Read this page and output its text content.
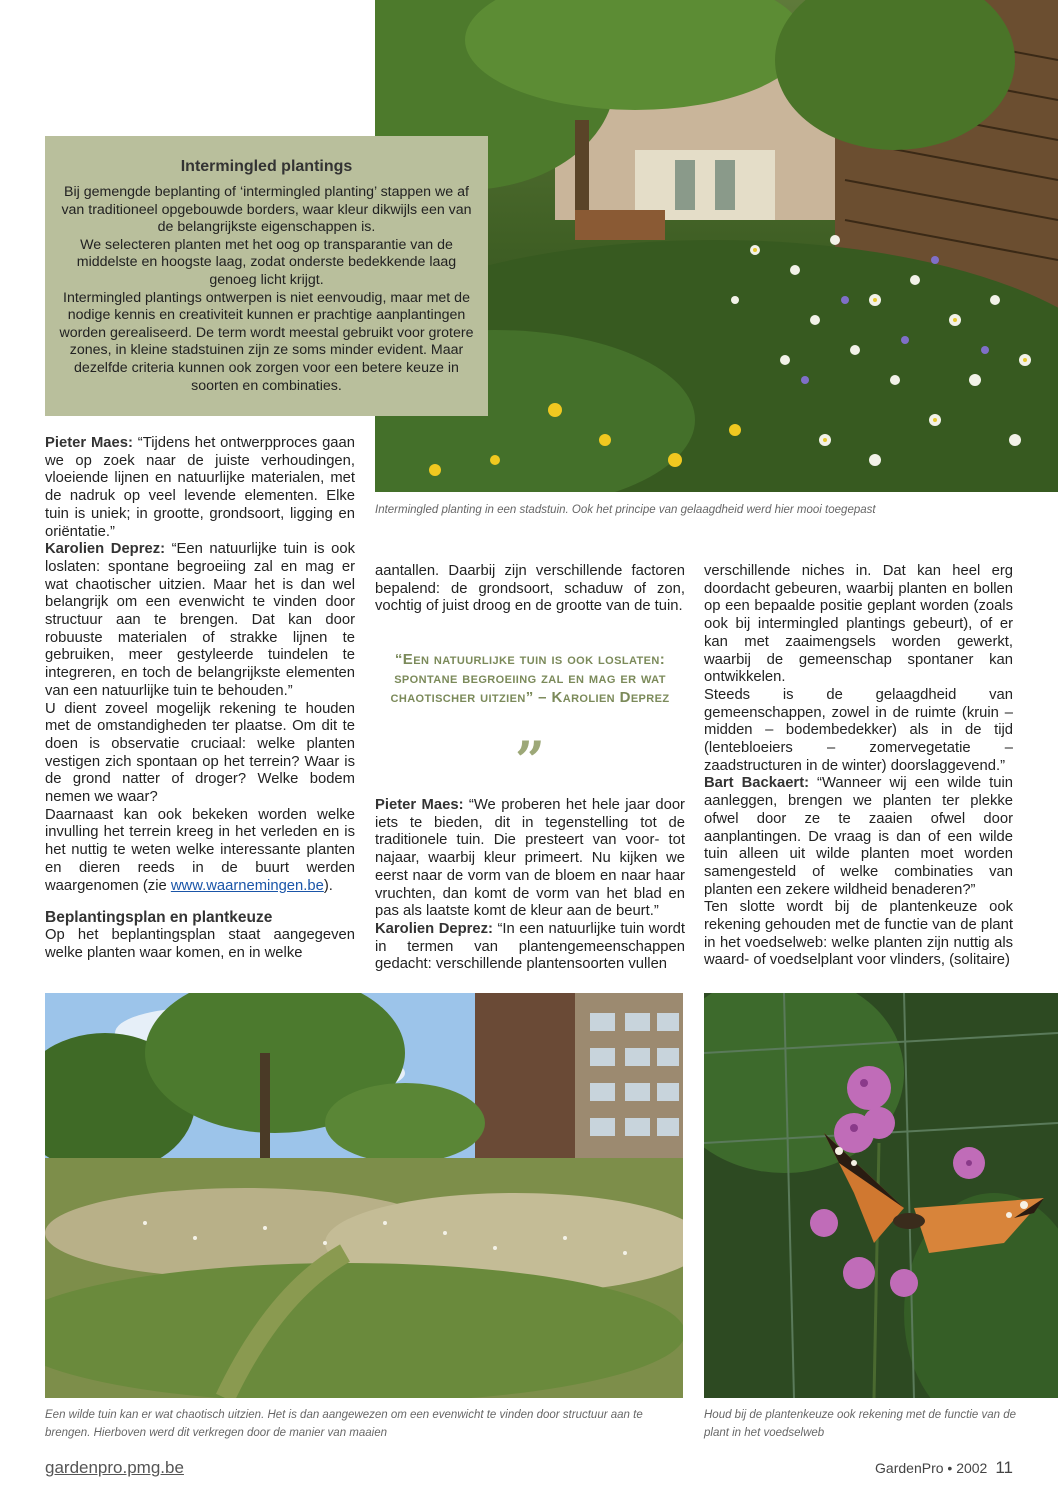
Intermingled plantings

Bij gemengde beplanting of ‘intermingled planting’ stappen we af van traditioneel opgebouwde borders, waar kleur dikwijls een van de belangrijkste eigenschappen is.

We selecteren planten met het oog op transparantie van de middelste en hoogste laag, zodat onderste bedekkende laag genoeg licht krijgt.

Intermingled plantings ontwerpen is niet eenvoudig, maar met de nodige kennis en creativiteit kunnen er prachtige aanplantingen worden gerealiseerd. De term wordt meestal gebruikt voor grotere zones, in kleine stadstuinen zijn ze soms minder evident. Maar dezelfde criteria kunnen ook zorgen voor een betere keuze in soorten en combinaties.

Intermingled planting in een stadstuin. Ook het principe van gelaagdheid werd hier mooi toegepast

Pieter Maes: “Tijdens het ontwerpproces gaan we op zoek naar de juiste verhoudingen, vloeiende lijnen en natuurlijke materialen, met de nadruk op veel levende elementen. Elke tuin is uniek; in grootte, grondsoort, ligging en oriëntatie.”

Karolien Deprez: “Een natuurlijke tuin is ook loslaten: spontane begroeiing zal en mag er wat chaotischer uitzien. Maar het is dan wel belangrijk om een evenwicht te vinden door structuur aan te brengen. Dat kan door robuuste materialen of strakke lijnen te gebruiken, meer gestyleerde tuindelen te integreren, en toch de belangrijkste elementen van een natuurlijke tuin te behouden.”

U dient zoveel mogelijk rekening te houden met de omstandigheden ter plaatse. Om dit te doen is observatie cruciaal: welke planten vestigen zich spontaan op het terrein? Waar is de grond natter of droger? Welke bodem nemen we waar?

Daarnaast kan ook bekeken worden welke invulling het terrein kreeg in het verleden en is het nuttig te weten welke interessante planten en dieren reeds in de buurt werden waargenomen (zie www.waarnemingen.be).

Beplantingsplan en plantkeuze

Op het beplantingsplan staat aangegeven welke planten waar komen, en in welke

aantallen. Daarbij zijn verschillende factoren bepalend: de grondsoort, schaduw of zon, vochtig of juist droog en de grootte van de tuin.

“Een natuurlijke tuin is ook loslaten: spontane begroeiing zal en mag er wat chaotischer uitzien” – Karolien Deprez
”

Pieter Maes: “We proberen het hele jaar door iets te bieden, dit in tegenstelling tot de traditionele tuin. Die presteert van voor- tot najaar, waarbij kleur primeert. Nu kijken we eerst naar de vorm van de bloem en naar haar vruchten, dan komt de vorm van het blad en pas als laatste komt de kleur aan de beurt.”

Karolien Deprez: “In een natuurlijke tuin wordt in termen van plantengemeenschappen gedacht: verschillende plantensoorten vullen

verschillende niches in. Dat kan heel erg doordacht gebeuren, waarbij planten en bollen op een bepaalde positie geplant worden (zoals ook bij intermingled plantings gebeurt), of er kan met zaaimengsels worden gewerkt, waarbij de gemeenschap spontaner kan ontwikkelen.

Steeds is de gelaagdheid van gemeenschappen, zowel in de ruimte (kruin – midden – bodembedekker) als in de tijd (lentebloeiers – zomervegetatie – zaadstructuren in de winter) doorslaggevend.”

Bart Backaert: “Wanneer wij een wilde tuin aanleggen, brengen we planten ter plekke ofwel door ze te zaaien ofwel door aanplantingen. De vraag is dan of een wilde tuin alleen uit wilde planten moet worden samengesteld of welke combinaties van planten een zekere wildheid benaderen?”

Ten slotte wordt bij de plantenkeuze ook rekening gehouden met de functie van de plant in het voedselweb: welke planten zijn nuttig als waard- of voedselplant voor vlinders, (solitaire)

Een wilde tuin kan er wat chaotisch uitzien. Het is dan aangewezen om een evenwicht te vinden door structuur aan te brengen. Hierboven werd dit verkregen door de manier van maaien
Houd bij de plantenkeuze ook rekening met de functie van de plant in het voedselweb
gardenpro.pmg.be	GardenPro • 2002 11
